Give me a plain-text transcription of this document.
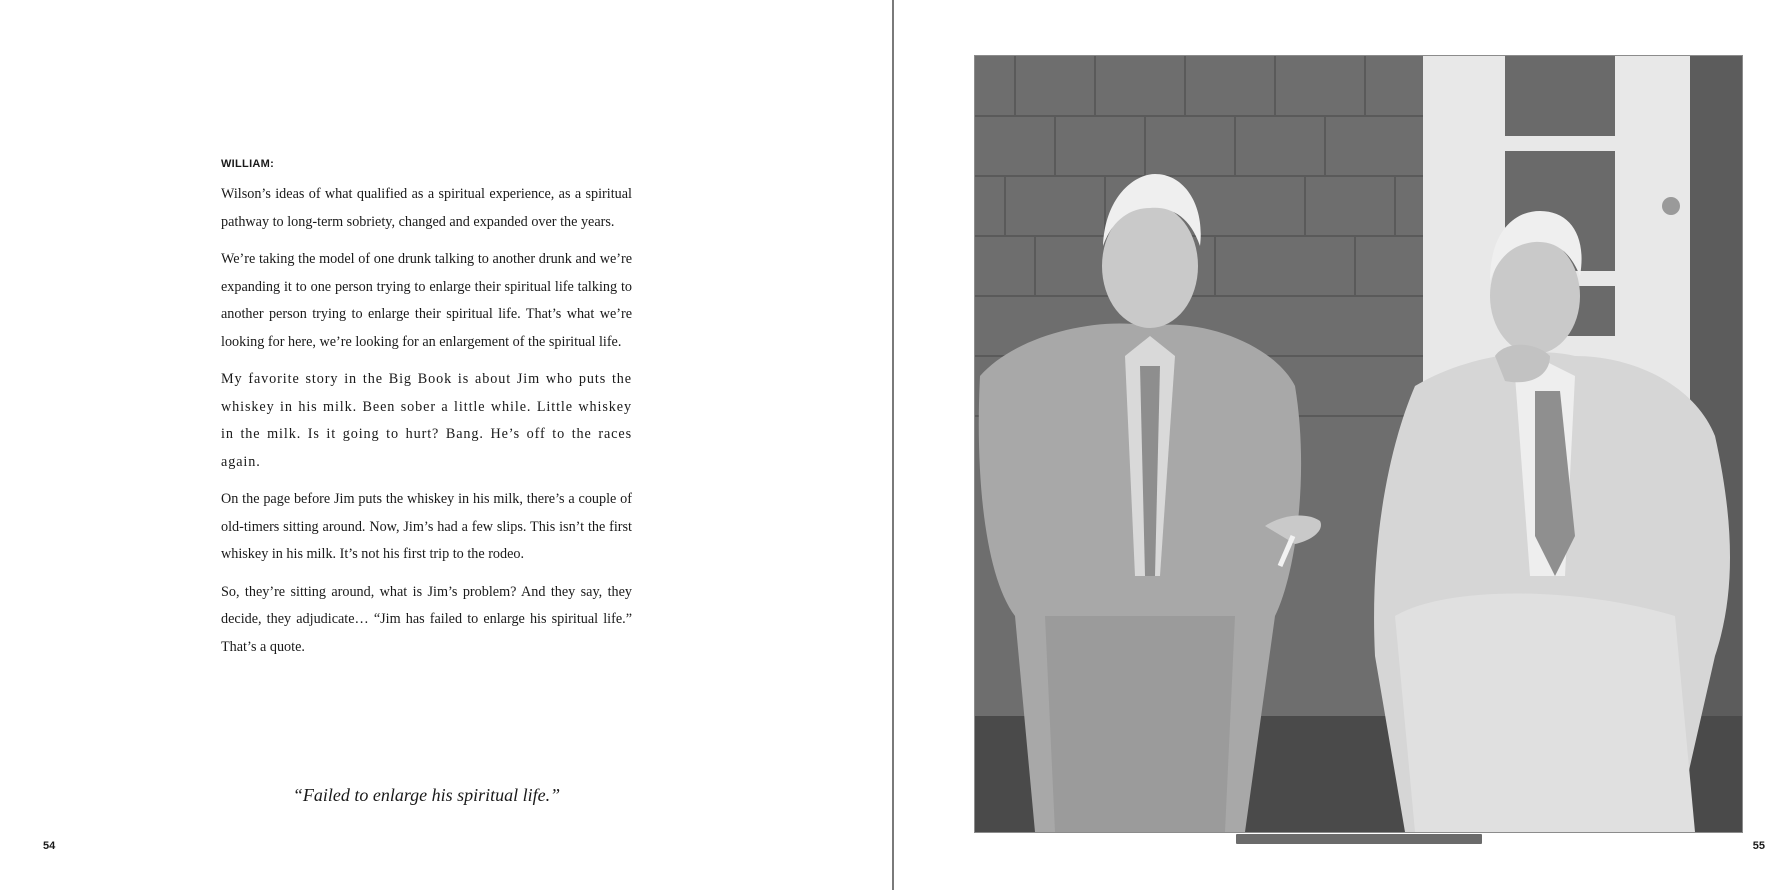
WILLIAM:

Wilson’s ideas of what qualified as a spiritual experience, as a spiritual pathway to long-term sobriety, changed and expanded over the years.

We’re taking the model of one drunk talking to another drunk and we’re expanding it to one person trying to enlarge their spiritual life talking to another person trying to enlarge their spiritual life. That’s what we’re looking for here, we’re looking for an enlargement of the spiritual life.

My favorite story in the Big Book is about Jim who puts the whiskey in his milk. Been sober a little while. Little whiskey in the milk. Is it going to hurt? Bang. He’s off to the races again.

On the page before Jim puts the whiskey in his milk, there’s a couple of old-timers sitting around. Now, Jim’s had a few slips. This isn’t the first whiskey in his milk. It’s not his first trip to the rodeo.

So, they’re sitting around, what is Jim’s problem? And they say, they decide, they adjudicate… “Jim has failed to enlarge his spiritual life.” That’s a quote.

“Failed to enlarge his spiritual life.”
54	55
